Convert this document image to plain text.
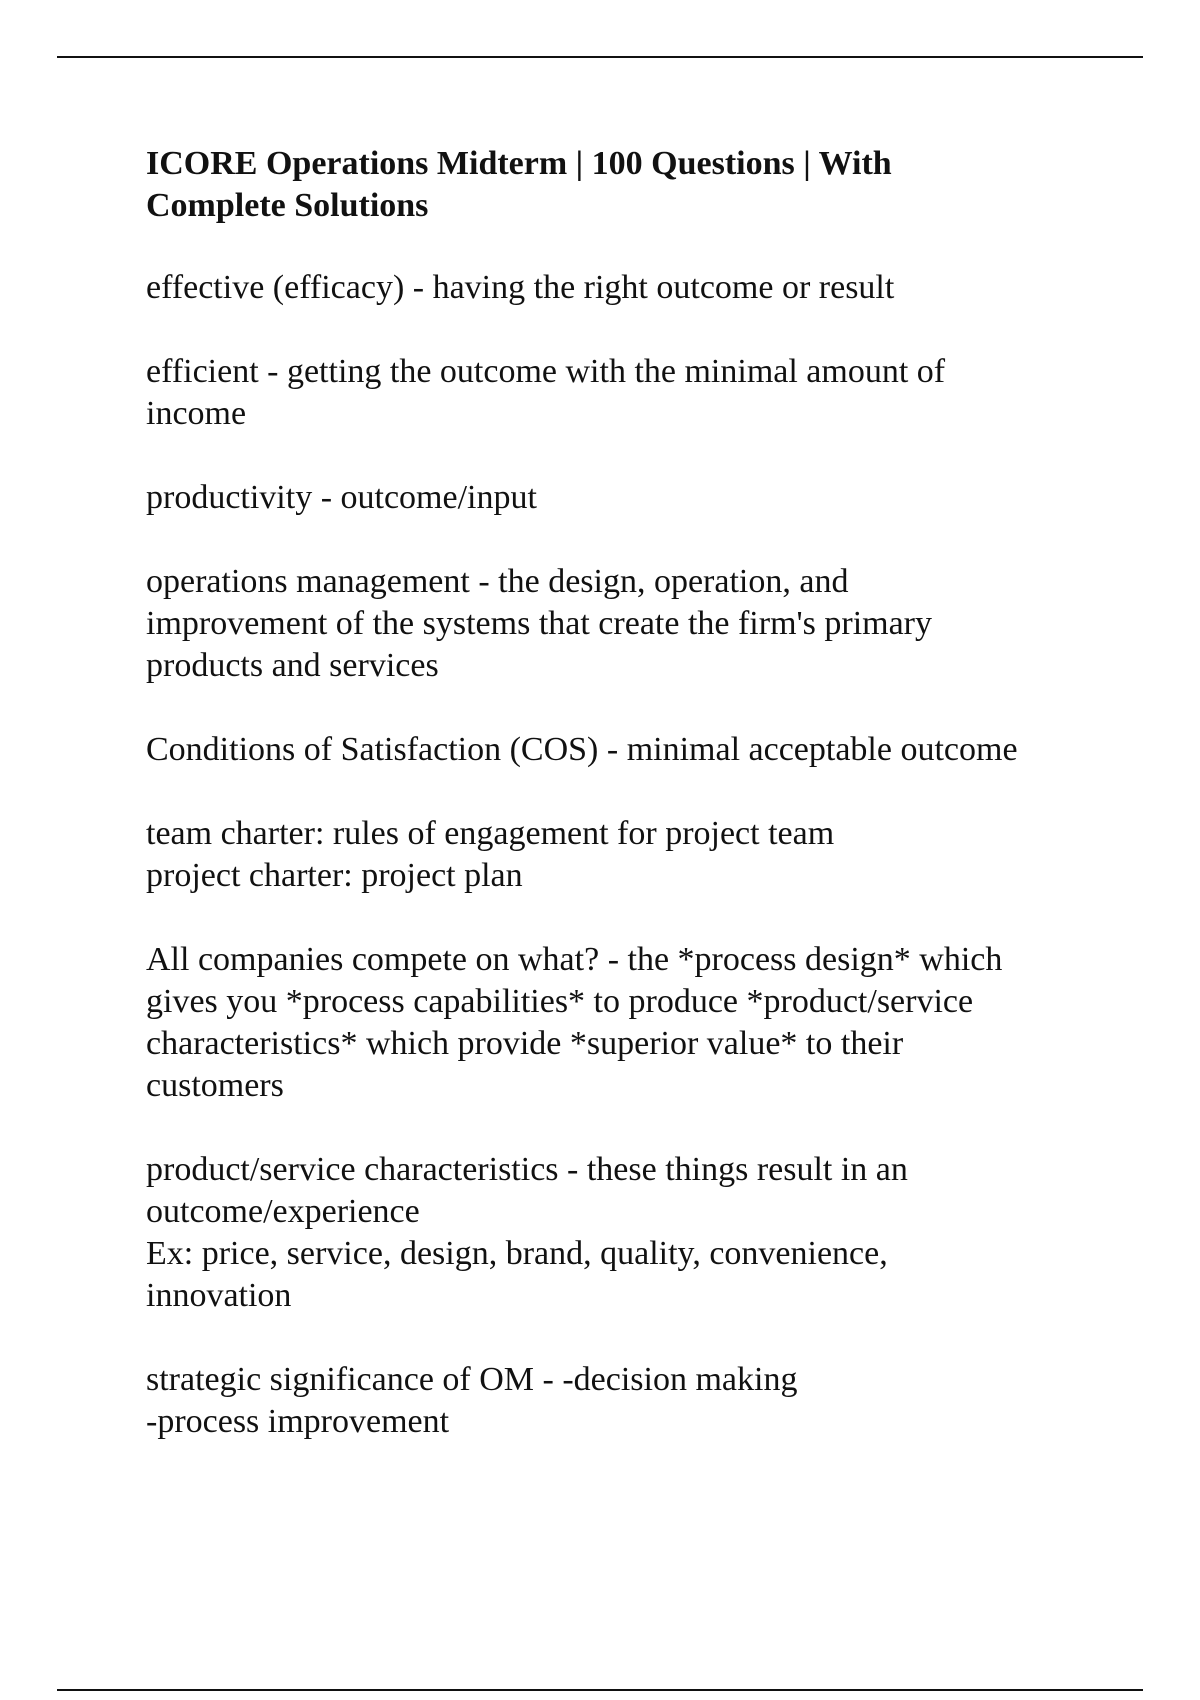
ICORE Operations Midterm | 100 Questions | With
Complete Solutions
effective (efficacy) - having the right outcome or result
efficient - getting the outcome with the minimal amount of
income
productivity - outcome/input
operations management - the design, operation, and
improvement of the systems that create the firm's primary
products and services
Conditions of Satisfaction (COS) - minimal acceptable outcome
team charter: rules of engagement for project team
project charter: project plan
All companies compete on what? - the *process design* which
gives you *process capabilities* to produce *product/service
characteristics* which provide *superior value* to their
customers
product/service characteristics - these things result in an
outcome/experience
Ex: price, service, design, brand, quality, convenience,
innovation
strategic significance of OM - -decision making
-process improvement
